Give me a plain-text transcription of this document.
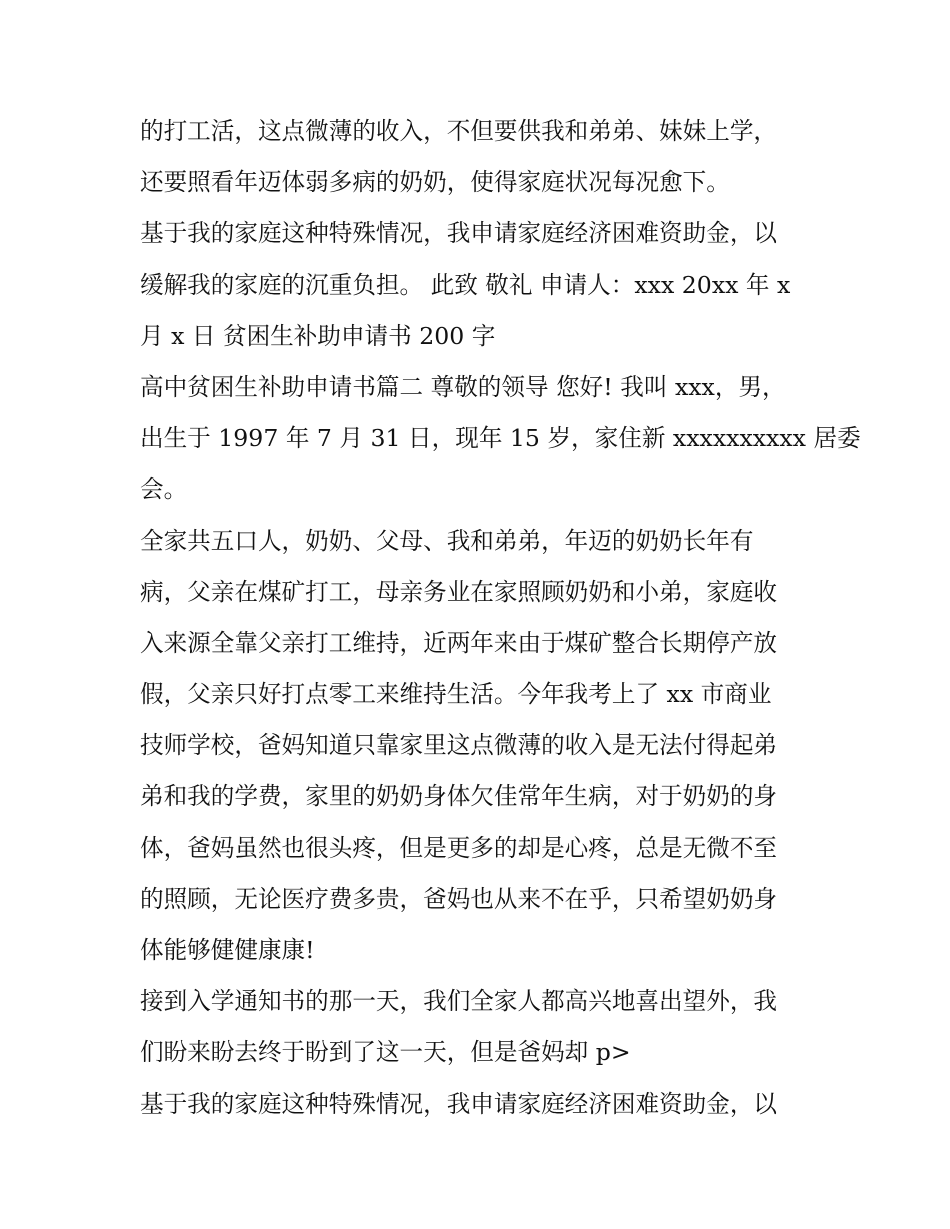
的打工活，这点微薄的收入，不但要供我和弟弟、妹妹上学，
还要照看年迈体弱多病的奶奶，使得家庭状况每况愈下。
基于我的家庭这种特殊情况，我申请家庭经济困难资助金，以
缓解我的家庭的沉重负担。 此致 敬礼 申请人：xxx 20xx 年 x
月 x 日 贫困生补助申请书 200 字
高中贫困生补助申请书篇二 尊敬的领导 您好! 我叫 xxx，男，
出生于 1997 年 7 月 31 日，现年 15 岁，家住新 xxxxxxxxxx 居委
会。
全家共五口人，奶奶、父母、我和弟弟，年迈的奶奶长年有
病，父亲在煤矿打工，母亲务业在家照顾奶奶和小弟，家庭收
入来源全靠父亲打工维持，近两年来由于煤矿整合长期停产放
假，父亲只好打点零工来维持生活。今年我考上了 xx 市商业
技师学校，爸妈知道只靠家里这点微薄的收入是无法付得起弟
弟和我的学费，家里的奶奶身体欠佳常年生病，对于奶奶的身
体，爸妈虽然也很头疼，但是更多的却是心疼，总是无微不至
的照顾，无论医疗费多贵，爸妈也从来不在乎，只希望奶奶身
体能够健健康康!
接到入学通知书的那一天，我们全家人都高兴地喜出望外，我
们盼来盼去终于盼到了这一天，但是爸妈却 p>
基于我的家庭这种特殊情况，我申请家庭经济困难资助金，以
